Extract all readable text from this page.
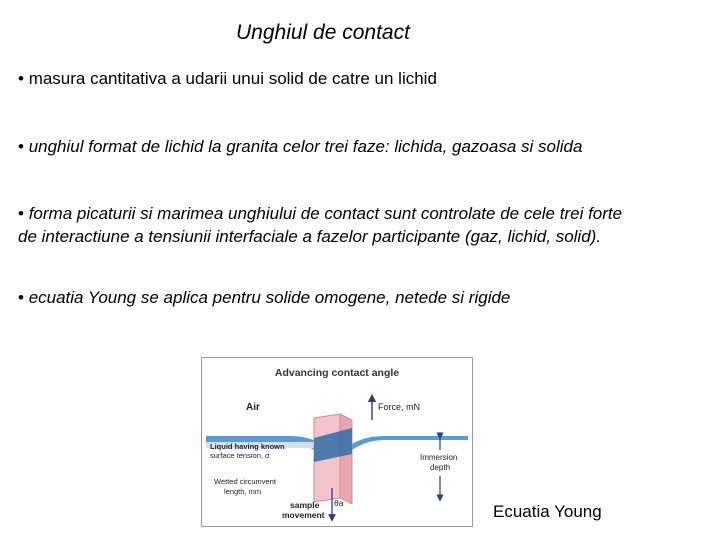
Unghiul de contact
• masura cantitativa a udarii unui solid de catre un lichid
• unghiul format de lichid la granita celor trei faze: lichida, gazoasa si solida
• forma picaturii si marimea unghiului de contact sunt controlate de cele trei forte
de interactiune a tensiunii interfaciale a fazelor participante (gaz, lichid, solid).
• ecuatia Young se aplica pentru solide omogene, netede si rigide
Advancing contact angle
Air	Force, mN
Liquid having known
surface tension, σ	Immersion
depth
Wetted circumvent
length, mm
sample
movement
θa	Ecuatia Young
